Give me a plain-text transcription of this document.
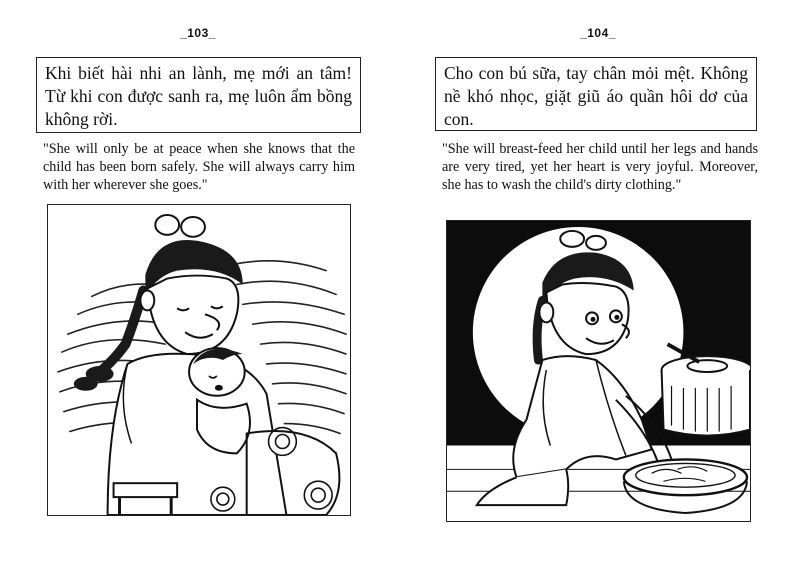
_103_
Khi biết hài nhi an lành, mẹ mới an tâm! Từ khi con được sanh ra, mẹ luôn ẩm bồng không rời.
"She will only be at peace when she knows that the child has been born safely. She will always carry him with her wherever she goes."
_104_
Cho con bú sữa, tay chân mỏi mệt. Không nề khó nhọc, giặt giũ áo quần hôi dơ của con.
"She will breast-feed her child until her legs and hands are very tired, yet her heart is very joyful. Moreover, she has to wash the child's dirty clothing."
